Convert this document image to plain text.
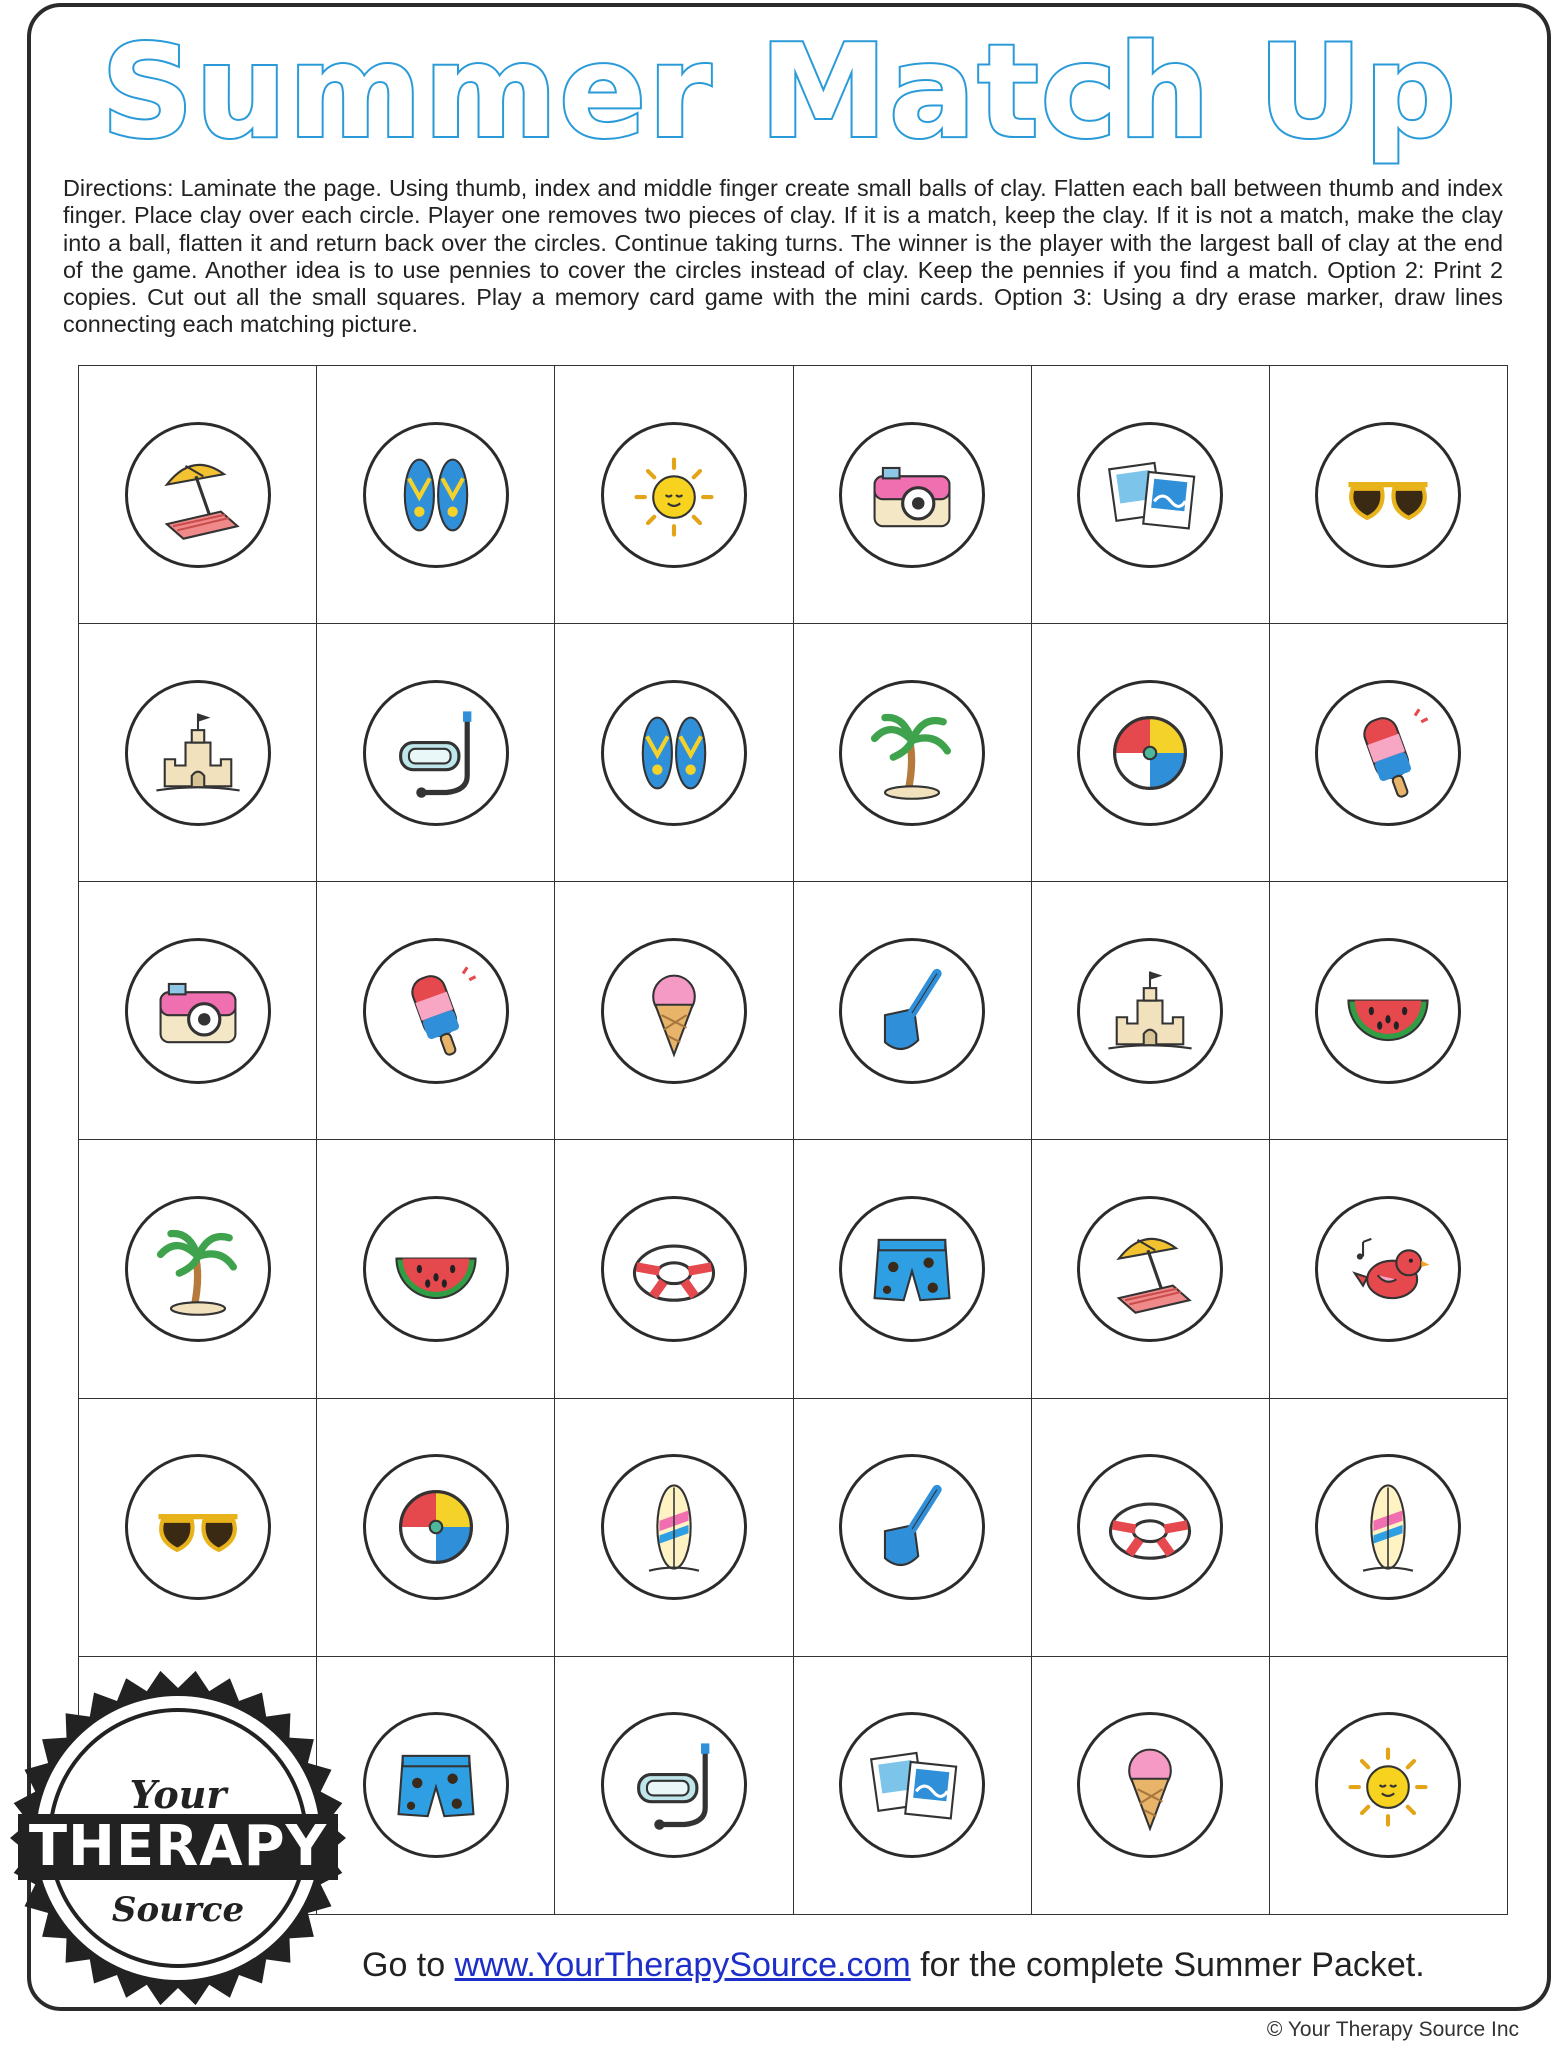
Summer Match Up

Directions: Laminate the page. Using thumb, index and middle finger create small balls of clay. Flatten each ball between thumb and index finger. Place clay over each circle. Player one removes two pieces of clay. If it is a match, keep the clay. If it is not a match, make the clay into a ball, flatten it and return back over the circles. Continue taking turns. The winner is the player with the largest ball of clay at the end of the game. Another idea is to use pennies to cover the circles instead of clay. Keep the pennies if you find a match. Option 2: Print 2 copies. Cut out all the small squares. Play a memory card game with the mini cards. Option 3: Using a dry erase marker, draw lines connecting each matching picture.

Your
THERAPY
Source
Go to www.YourTherapySource.com for the complete Summer Packet.
© Your Therapy Source Inc
